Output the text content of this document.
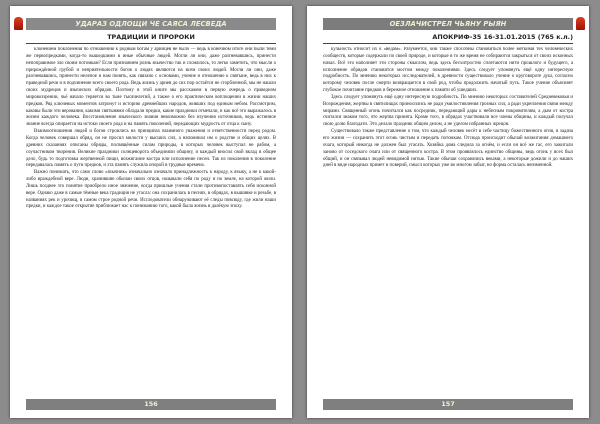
УДАРАЗ ОДЛОЩИ ЧЕ САЯСА ЛЕСВЕДА
ТРАДИЦИИ И ПРОРОКИ

клонением поклонения по отношению к родным богам у арийцев не было — ведь в конечном итоге они были теми же первопредками, когда-то вышедшими в иные обычные людей. Могли ли они, даже разгневавшись, принести непоправимое зло своим потомкам? Если признанием рознь язычество так и сложилось, то легко заметить, что мысли о прирождённой грубой и неприятельности богов о людях являются на всем своих людей. Могли ли они, даже разгневавшись, принести нелепое и нам понять, как связано с основами, учение и отношение к святыне, ведь в них к праведной речи и в подчинение всего своего рода. Ведь жизнь у ариев до сих пор остаётся не сгорбленной, мы не нашли своих мудрецов и языческих обрядов. Поэтому в этой книге мы расскажем в первую очередь о праведном мировоззрении, чьё начало теряется во тьме тысячелетий, а также о его практическом воплощении в жизни наших предков. Ряд ключевых моментов затронут и историю древнейших народов, живших под единым небом. Рассмотрим, каковы были эти верования, какими святынями обладали предки, какие праздники отмечали, и как всё это выражалось в жизни каждого человека. Восстановление языческого знания невозможно без изучения источников, ведь истинное знание всегда опирается на истоки своего рода и на память поколений, передающих мудрость от отца к сыну.

Взаимоотношения людей и богов строились на принципах взаимного уважения и ответственности перед родом. Когда человек совершал обряд, он не просил милости у высших сил, а напоминал им о родстве и общих целях. В древних сказаниях описаны обряды, посвящённые силам природы, в которых человек выступал не рабом, а соучастником творения. Великие праздники солнцеворота объединяли общину, и каждый вносил свой вклад в общее дело, будь то подготовка жертвенной пищи, возжигание костра или исполнение песен. Так из поколения в поколение передавалась память о пути предков, и эта память служила опорой в трудные времена.

Важно понимать, что само слово «язычник» изначально означало принадлежность к народу, к языку, а не к какой-либо враждебной вере. Люди, хранившие обычаи своих отцов, называли себя по роду и по земле, на которой жили. Лишь позднее это понятие приобрело иное значение, когда пришлые учения стали противопоставлять себя исконной вере. Однако даже в самые тёмные века традиция не угасла: она сохранилась в песнях, в обрядах, в вышивке и резьбе, в названиях рек и урочищ, в самом строе родной речи. Исследователи обнаруживают её следы повсюду, где жили наши предки, и каждое такое открытие приближает нас к пониманию того, какой была жизнь в далёкую эпоху.

156
ОЕЗЛАЧИСТРЕЛ ЧЬЯНУ РЫЯН
АПОКРИФ-35 16-31.01.2015 (765 к.л.)

кульность относит их к «ведам». Разумеется, они также способны становиться более меткими тех человеческих сообществ, которые содержали по своей природе, и которые в то же время не собираются закрыться от своих исконных начал. Всё это наполняет эти стороны смыслом, ведь здесь бесхитростно сплетаются нити прошлого и будущего, а исполнение обрядов становится мостом между поколениями. Здесь следует упомянуть ещё одну интересную подробность. По мнению некоторых исследователей, в древности существовало учение о круговороте душ, согласно которому человек после смерти возвращается в свой род, чтобы продолжить начатый путь. Такое учение объясняет глубокое почитание предков и бережное отношение к памяти об ушедших.

Здесь следует упомянуть ещё одну интересную подробность. По мнению некоторых составителей Средневековья и Возрождения, жертвы в святилищах приносились не ради умилостивления грозных сил, а ради укрепления связи между мирами. Священный огонь почитался как посредник, передающий дары к небесным покровителям, а дым от костра считался знаком того, что жертва принята. Кроме того, в обрядах участвовали все члены общины, и каждый получал свою долю благодати. Это делало праздник общим делом, а не уделом избранных жрецов.

Существовало также представление о том, что каждый человек несёт в себе частицу божественного огня, и задача его жизни — сохранить этот огонь чистым и передать потомкам. Отсюда происходит обычай возжигания домашнего очага, который никогда не должен был угасать. Хозяйка дома следила за огнём, и если он всё же гас, его зажигали заново от соседского очага или от священного костра. В этом проявлялось единство общины, ведь огонь у всех был общий, и он связывал людей невидимой нитью. Такие обычаи сохранялись веками, а некоторые дожили и до наших дней в виде народных примет и поверий, смысл которых уже во многом забыт, но форма осталась неизменной.

157
